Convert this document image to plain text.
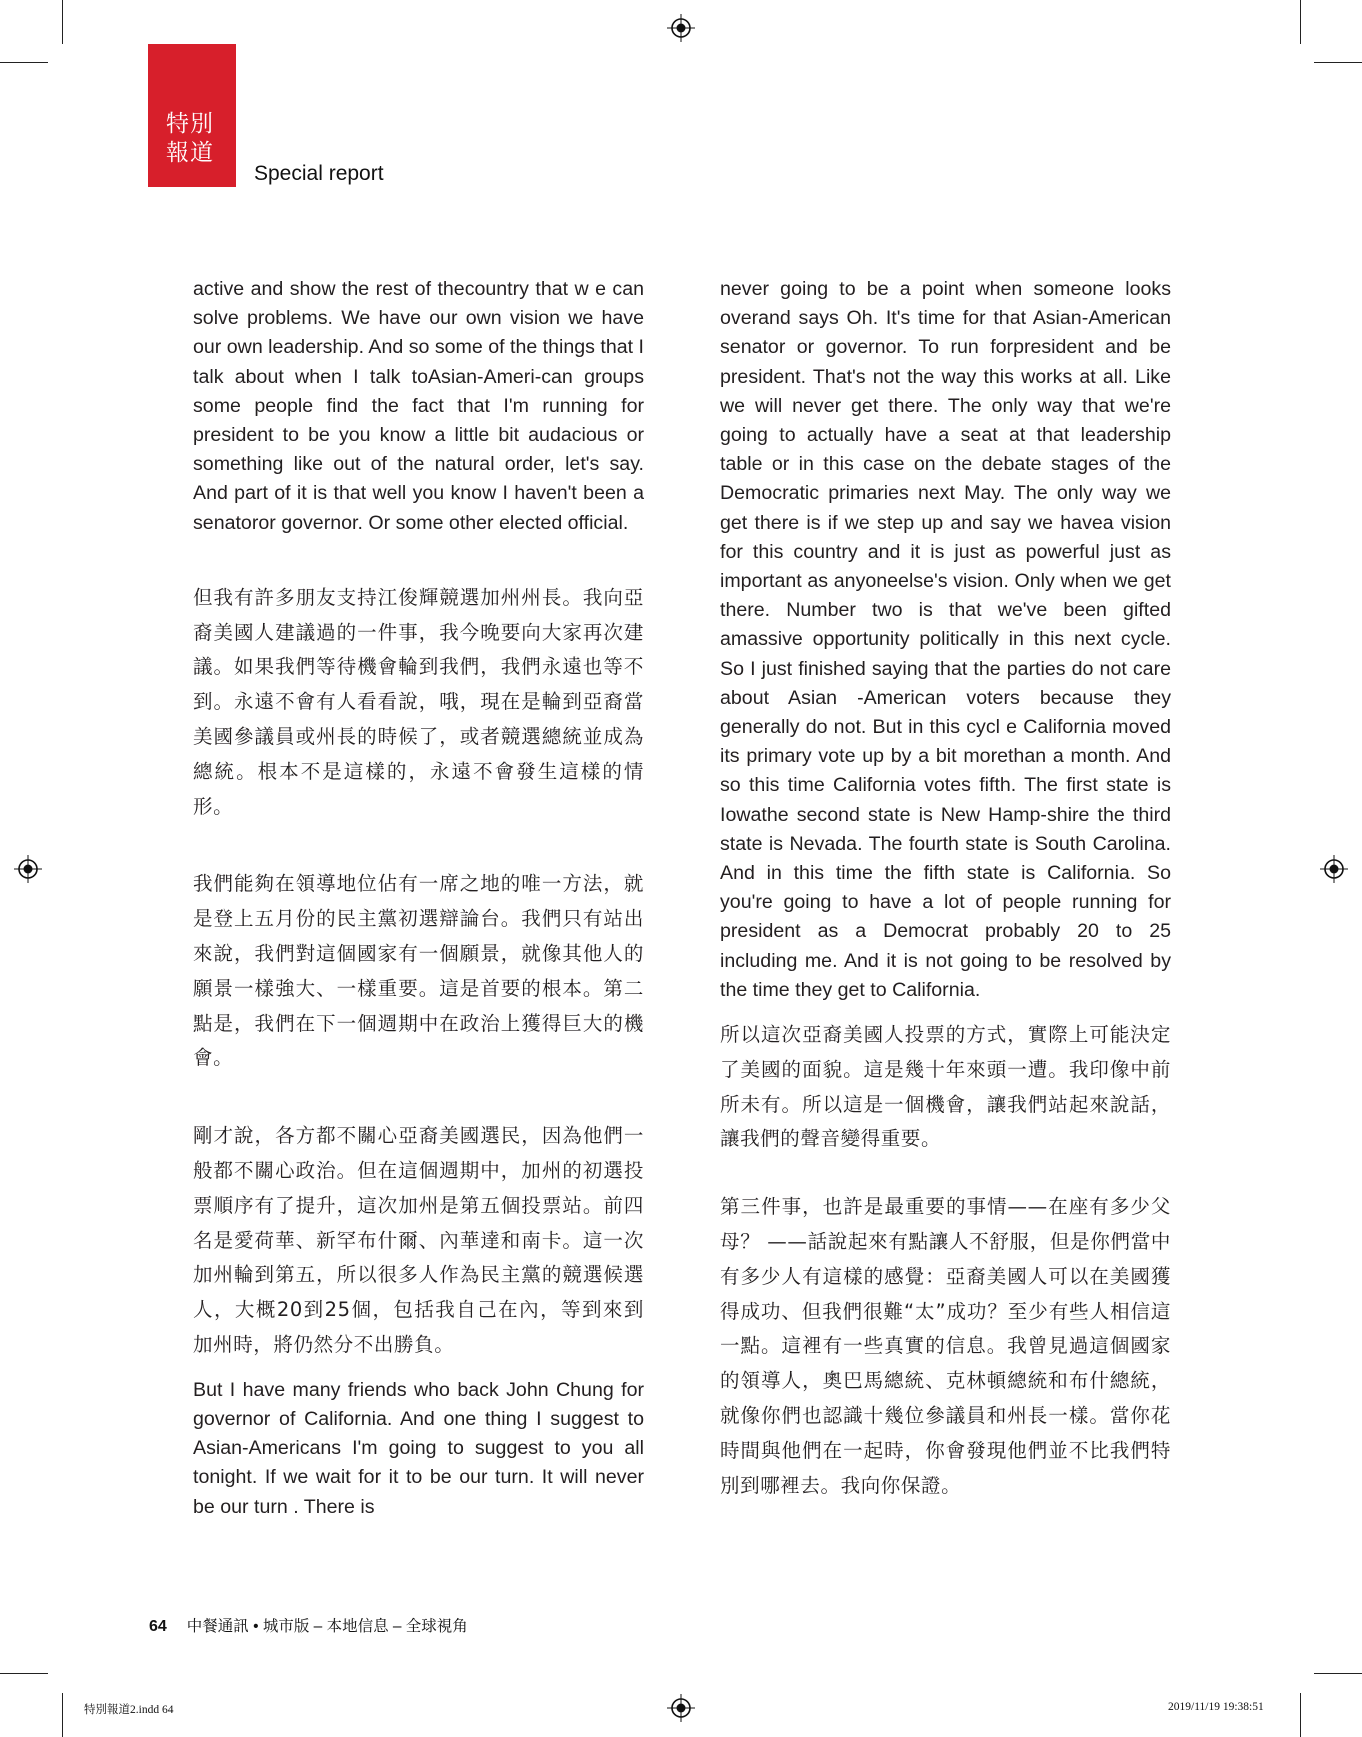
特別
報道
Special report

active and show the rest of thecountry that w e can solve problems. We have our own vision we have our own leadership. And so some of the things that I talk about when I talk toAsian-Ameri-can groups some people find the fact that I'm running for president to be you know a little bit audacious or something like out of the natural order, let's say. And part of it is that well you know I haven't been a senatoror governor. Or some other elected official.

但我有許多朋友支持江俊輝競選加州州長。我向亞裔美國人建議過的一件事，我今晚要向大家再次建議。如果我們等待機會輪到我們，我們永遠也等不到。永遠不會有人看看說，哦，現在是輪到亞裔當美國參議員或州長的時候了，或者競選總統並成為總統。根本不是這樣的，永遠不會發生這樣的情形。

我們能夠在領導地位佔有一席之地的唯一方法，就是登上五月份的民主黨初選辯論台。我們只有站出來說，我們對這個國家有一個願景，就像其他人的願景一樣強大、一樣重要。這是首要的根本。第二點是，我們在下一個週期中在政治上獲得巨大的機會。

剛才說，各方都不關心亞裔美國選民，因為他們一般都不關心政治。但在這個週期中，加州的初選投票順序有了提升，這次加州是第五個投票站。前四名是愛荷華、新罕布什爾、內華達和南卡。這一次加州輪到第五，所以很多人作為民主黨的競選候選人，大概20到25個，包括我自己在內，等到來到加州時，將仍然分不出勝負。

But I have many friends who back John Chung for governor of California. And one thing I suggest to Asian-Americans I'm going to suggest to you all tonight. If we wait for it to be our turn. It will never be our turn . There is

never going to be a point when someone looks overand says Oh. It's time for that Asian-American senator or governor. To run forpresident and be president. That's not the way this works at all. Like we will never get there. The only way that we're going to actually have a seat at that leadership table or in this case on the debate stages of the Democratic primaries next May. The only way we get there is if we step up and say we havea vision for this country and it is just as powerful just as important as anyoneelse's vision. Only when we get there. Number two is that we've been gifted amassive opportunity politically in this next cycle. So I just finished saying that the parties do not care about Asian -American voters because they generally do not. But in this cycl e California moved its primary vote up by a bit morethan a month. And so this time California votes fifth. The first state is Iowathe second state is New Hamp-shire the third state is Nevada. The fourth state is South Carolina. And in this time the fifth state is California. So you're going to have a lot of people running for president as a Democrat probably 20 to 25 including me. And it is not going to be resolved by the time they get to California.

所以這次亞裔美國人投票的方式，實際上可能決定了美國的面貌。這是幾十年來頭一遭。我印像中前所未有。所以這是一個機會，讓我們站起來說話，讓我們的聲音變得重要。

第三件事，也許是最重要的事情——在座有多少父母？ ——話說起來有點讓人不舒服，但是你們當中有多少人有這樣的感覺：亞裔美國人可以在美國獲得成功、但我們很難“太”成功？至少有些人相信這一點。這裡有一些真實的信息。我曾見過這個國家的領導人，奧巴馬總統、克林頓總統和布什總統，就像你們也認識十幾位參議員和州長一樣。當你花時間與他們在一起時，你會發現他們並不比我們特別到哪裡去。我向你保證。

64 中餐通訊 • 城市版 – 本地信息 – 全球視角
特別報道2.indd 64	2019/11/19 19:38:51
